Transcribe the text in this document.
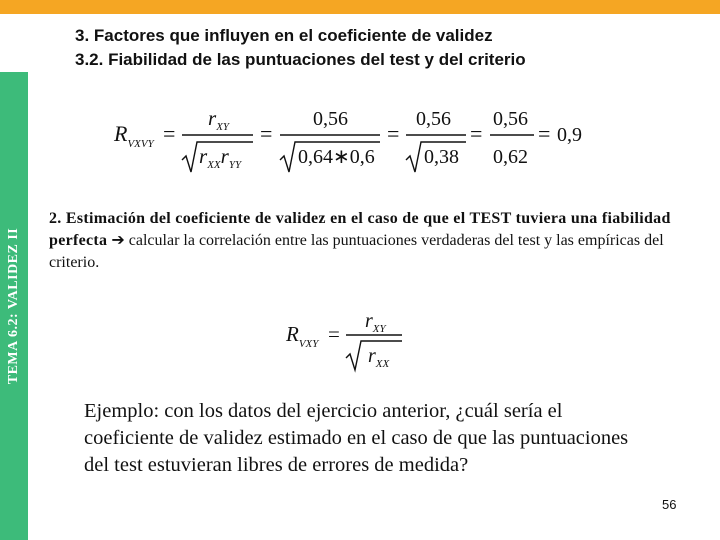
TEMA 6.2: VALIDEZ II
3. Factores que influyen en el coeficiente de validez
3.2. Fiabilidad de las puntuaciones del test y del criterio
$R_{VXVY}$ =
$r_{XY}$
$r_{XX}r_{YY}$
=
0,56
0,64∗0,6
=
0,56
0,38
=
0,56
0,62
= 0,9
2. Estimación del coeficiente de validez en el caso de que el TEST tuviera una fiabilidad perfecta ➔ calcular la correlación entre las puntuaciones verdaderas del test y las empíricas del criterio.
$R_{VXY}$ =
$r_{XY}$
$r_{XX}$
Ejemplo: con los datos del ejercicio anterior, ¿cuál sería el coeficiente de validez estimado en el caso de que las puntuaciones del test estuvieran libres de errores de medida?
56
